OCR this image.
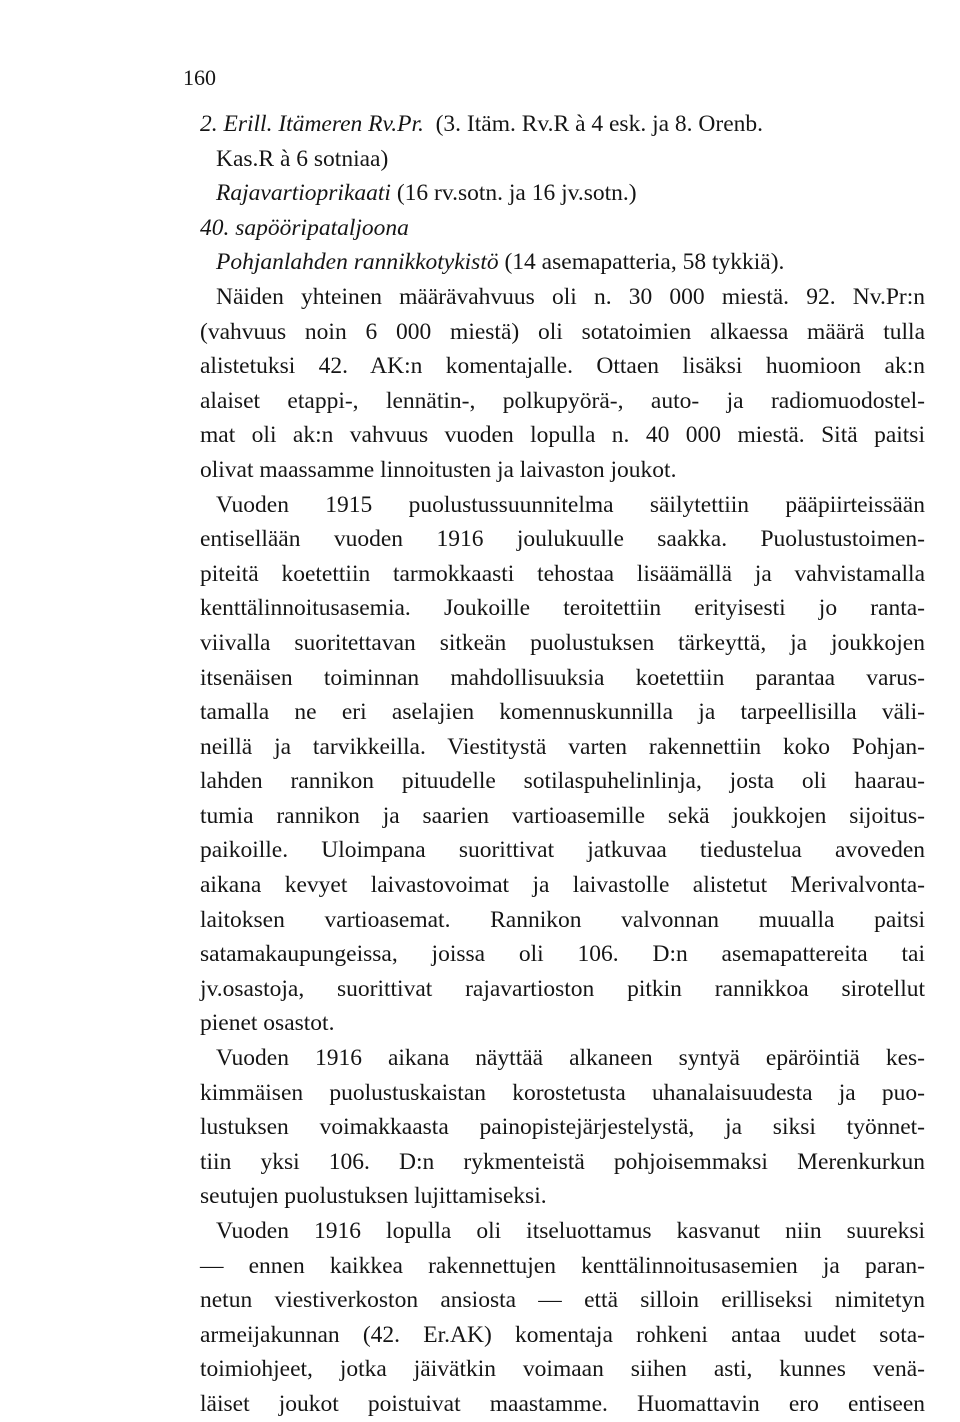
160
2. Erill. Itämeren Rv.Pr.  (3. Itäm. Rv.R à 4 esk. ja 8. Orenb.
Kas.R à 6 sotniaa)
Rajavartioprikaati (16 rv.sotn. ja 16 jv.sotn.)
40. sapööripataljoona
Pohjanlahden rannikkotykistö (14 asemapatteria, 58 tykkiä).
Näiden yhteinen määrävahvuus oli n. 30 000 miestä. 92. Nv.Pr:n
(vahvuus noin 6 000 miestä) oli sotatoimien alkaessa määrä tulla
alistetuksi 42. AK:n komentajalle. Ottaen lisäksi huomioon ak:n
alaiset etappi-, lennätin-, polkupyörä-, auto- ja radiomuodostel-
mat oli ak:n vahvuus vuoden lopulla n. 40 000 miestä. Sitä paitsi
olivat maassamme linnoitusten ja laivaston joukot.
Vuoden 1915 puolustussuunnitelma säilytettiin pääpiirteissään
entisellään vuoden 1916 joulukuulle saakka. Puolustustoimen-
piteitä koetettiin tarmokkaasti tehostaa lisäämällä ja vahvistamalla
kenttälinnoitusasemia. Joukoille teroitettiin erityisesti jo ranta-
viivalla suoritettavan sitkeän puolustuksen tärkeyttä, ja joukkojen
itsenäisen toiminnan mahdollisuuksia koetettiin parantaa varus-
tamalla ne eri aselajien komennuskunnilla ja tarpeellisilla väli-
neillä ja tarvikkeilla. Viestitystä varten rakennettiin koko Pohjan-
lahden rannikon pituudelle sotilaspuhelinlinja, josta oli haarau-
tumia rannikon ja saarien vartioasemille sekä joukkojen sijoitus-
paikoille. Uloimpana suorittivat jatkuvaa tiedustelua avoveden
aikana kevyet laivastovoimat ja laivastolle alistetut Merivalvonta-
laitoksen vartioasemat. Rannikon valvonnan muualla paitsi
satamakaupungeissa, joissa oli 106. D:n asemapattereita tai
jv.osastoja, suorittivat rajavartioston pitkin rannikkoa sirotellut
pienet osastot.
Vuoden 1916 aikana näyttää alkaneen syntyä epäröintiä kes-
kimmäisen puolustuskaistan korostetusta uhanalaisuudesta ja puo-
lustuksen voimakkaasta painopistejärjestelystä, ja siksi työnnet-
tiin yksi 106. D:n rykmenteistä pohjoisemmaksi Merenkurkun
seutujen puolustuksen lujittamiseksi.
Vuoden 1916 lopulla oli itseluottamus kasvanut niin suureksi
— ennen kaikkea rakennettujen kenttälinnoitusasemien ja paran-
netun viestiverkoston ansiosta — että silloin erilliseksi nimitetyn
armeijakunnan (42. Er.AK) komentaja rohkeni antaa uudet sota-
toimiohjeet, jotka jäivätkin voimaan siihen asti, kunnes venä-
läiset joukot poistuivat maastamme. Huomattavin ero entiseen
